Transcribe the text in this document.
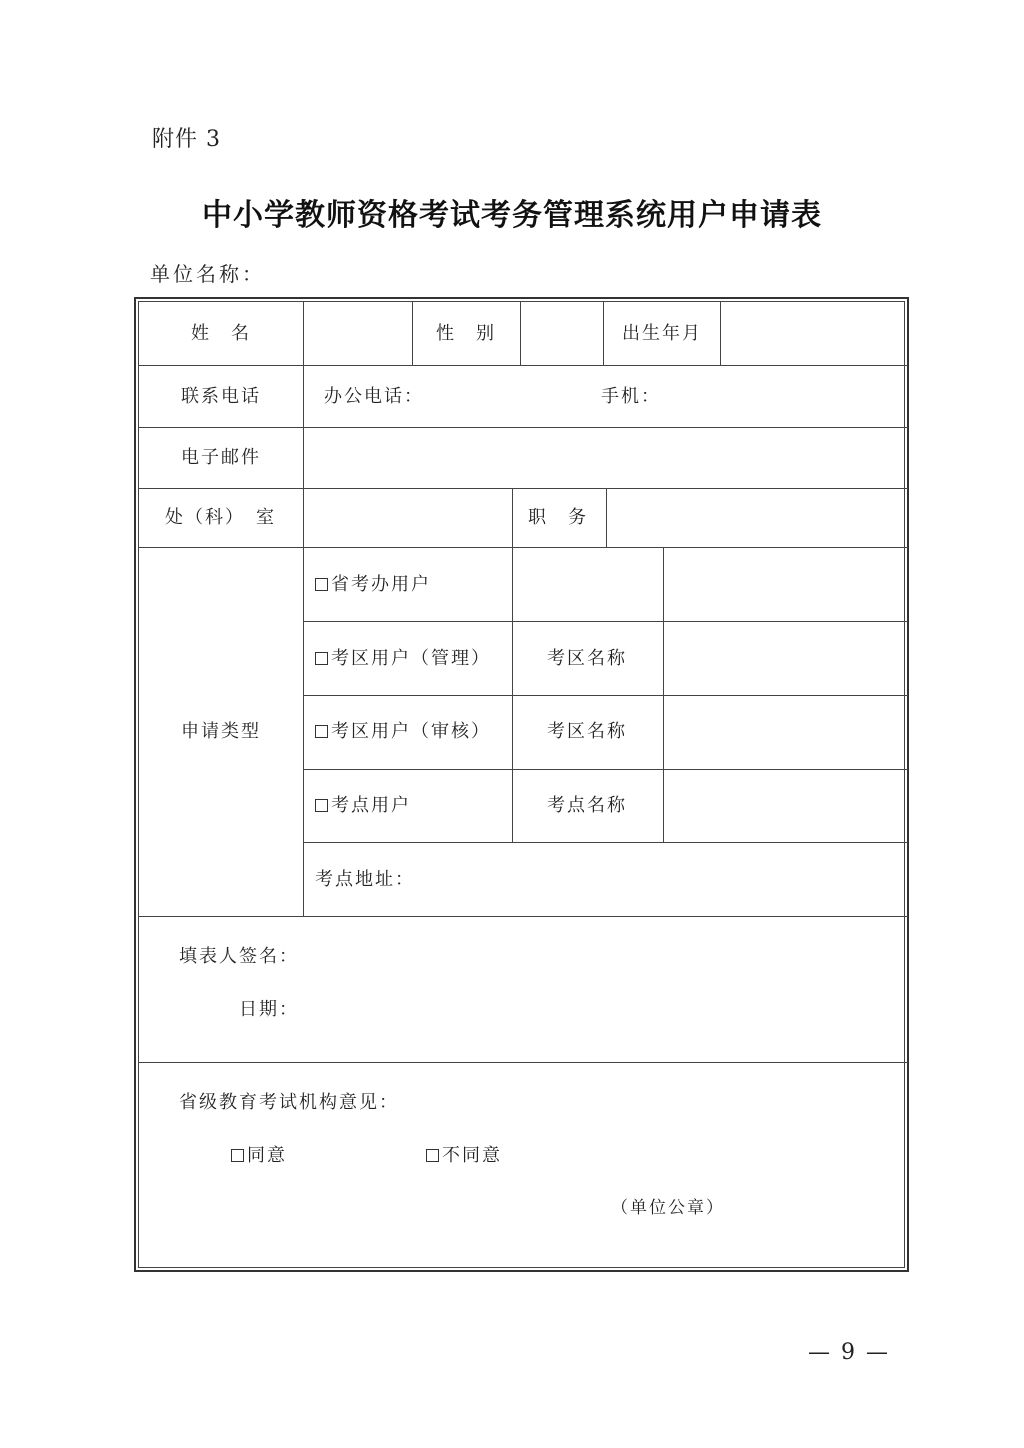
附件 3
中小学教师资格考试考务管理系统用户申请表
单位名称：
姓　名	性　别	出生年月
联系电话	办公电话：	手机：
电子邮件
处（科）　室	职　务
申请类型
省考办用户
考区用户（管理）	考区名称
考区用户（审核）	考区名称
考点用户	考点名称
考点地址：
填表人签名：
日期：
省级教育考试机构意见：
同意	不同意
（单位公章）
— 9 —
